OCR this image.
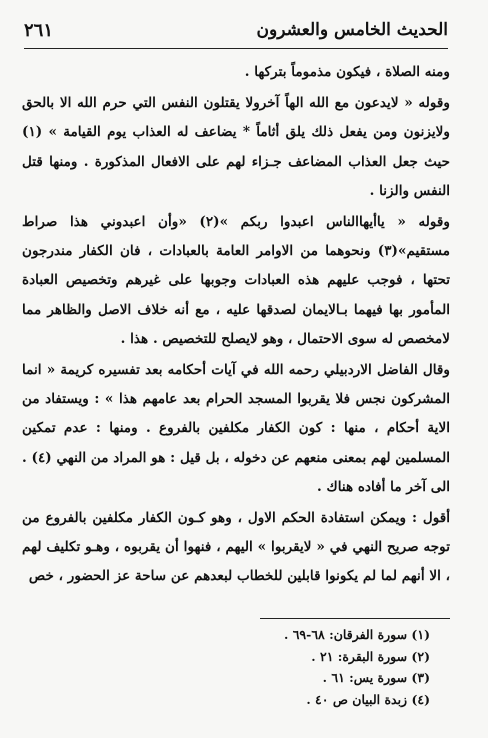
الحديث الخامس والعشرون
٢٦١

ومنه الصلاة ، فيكون مذموماً بتركها .

وقوله « لايدعون مع الله الهاً آخرولا يقتلون النفس التي حرم الله الا بالحق ولايزنون ومن يفعل ذلك يلق أثاماً * يضاعف له العذاب يوم القيامة » (١) حيث جعل العذاب المضاعف جـزاء لهم على الافعال المذكورة . ومنها قتل النفس والزنا .

وقوله « ياأيهاالناس اعبدوا ربكم »(٢) «وأن اعبدوني هذا صراط مستقيم»(٣) ونحوهما من الاوامر العامة بالعبادات ، فان الكفار مندرجون تحتها ، فوجب عليهم هذه العبادات وجوبها على غيرهم وتخصيص العبادة المأمور بها فيهما بـالايمان لصدقها عليه ، مع أنه خلاف الاصل والظاهر مما لامخصص له سوى الاحتمال ، وهو لايصلح للتخصيص . هذا .

وقال الفاضل الاردبيلي رحمه الله في آيات أحكامه بعد تفسيره كريمة « انما المشركون نجس فلا يقربوا المسجد الحرام بعد عامهم هذا » : ويستفاد من الاية أحكام ، منها : كون الكفار مكلفين بالفروع . ومنها : عدم تمكين المسلمين لهم بمعنى منعهم عن دخوله ، بل قيل : هو المراد من النهي (٤) . الى آخر ما أفاده هناك .

أقول : ويمكن استفادة الحكم الاول ، وهو كـون الكفار مكلفين بالفروع من توجه صريح النهي في « لايقربوا » اليهم ، فنهوا أن يقربوه ، وهـو تكليف لهم ، الا أنهم لما لم يكونوا قابلين للخطاب لبعدهم عن ساحة عز الحضور ، خص

(١) سورة الفرقان: ٦٨-٦٩ .
(٢) سورة البقرة: ٢١ .
(٣) سورة يس: ٦١ .
(٤) زبدة البيان ص ٤٠ .
